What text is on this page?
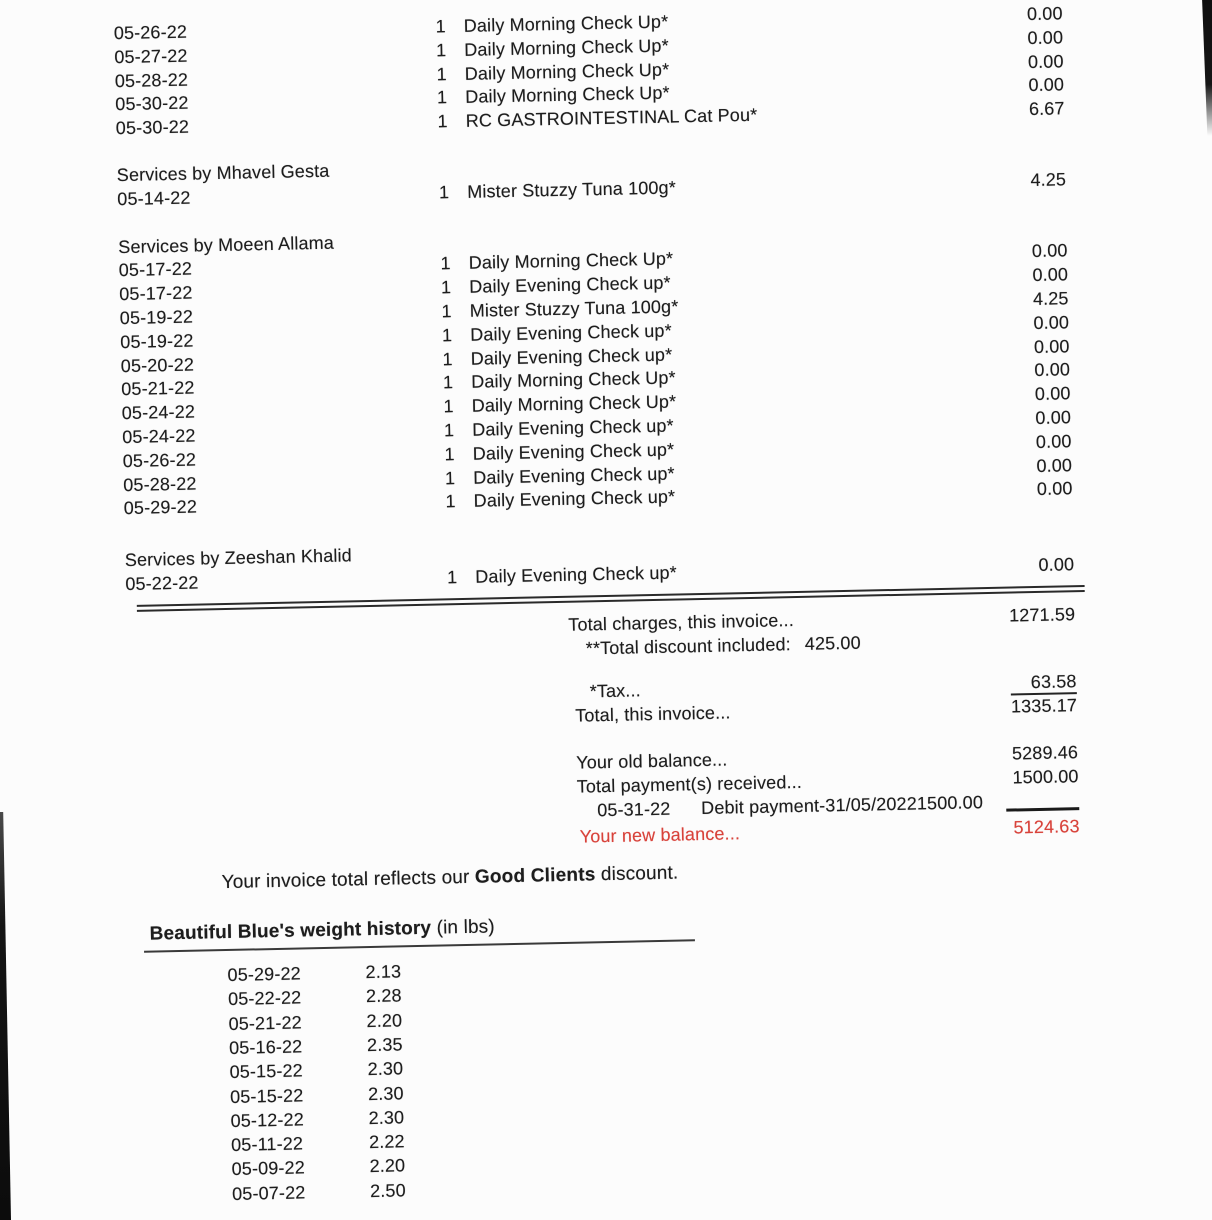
05-26-22	1 Daily Morning Check Up*	0.00
05-27-22	1 Daily Morning Check Up*	0.00
05-28-22	1 Daily Morning Check Up*	0.00
05-30-22	1 Daily Morning Check Up*	0.00
05-30-22	1 RC GASTROINTESTINAL Cat Pou*	6.67
Services by Mhavel Gesta
05-14-22	1 Mister Stuzzy Tuna 100g*	4.25
Services by Moeen Allama
05-17-22	1 Daily Morning Check Up*	0.00
05-17-22	1 Daily Evening Check up*	0.00
05-19-22	1 Mister Stuzzy Tuna 100g*	4.25
05-19-22	1 Daily Evening Check up*	0.00
05-20-22	1 Daily Evening Check up*	0.00
05-21-22	1 Daily Morning Check Up*	0.00
05-24-22	1 Daily Morning Check Up*	0.00
05-24-22	1 Daily Evening Check up*	0.00
05-26-22	1 Daily Evening Check up*	0.00
05-28-22	1 Daily Evening Check up*	0.00
05-29-22	1 Daily Evening Check up*	0.00
Services by Zeeshan Khalid
05-22-22	1 Daily Evening Check up*	0.00
Total charges, this invoice...	1271.59
**Total discount included: 425.00
*Tax...	63.58
Total, this invoice...	1335.17
Your old balance...	5289.46
Total payment(s) received...	1500.00
05-31-22	Debit payment-31/05/2022 1500.00
Your new balance...	5124.63
Your invoice total reflects our Good Clients discount.
Beautiful Blue's weight history (in lbs)
05-29-22	2.13
05-22-22	2.28
05-21-22	2.20
05-16-22	2.35
05-15-22	2.30
05-15-22	2.30
05-12-22	2.30
05-11-22	2.22
05-09-22	2.20
05-07-22	2.50
